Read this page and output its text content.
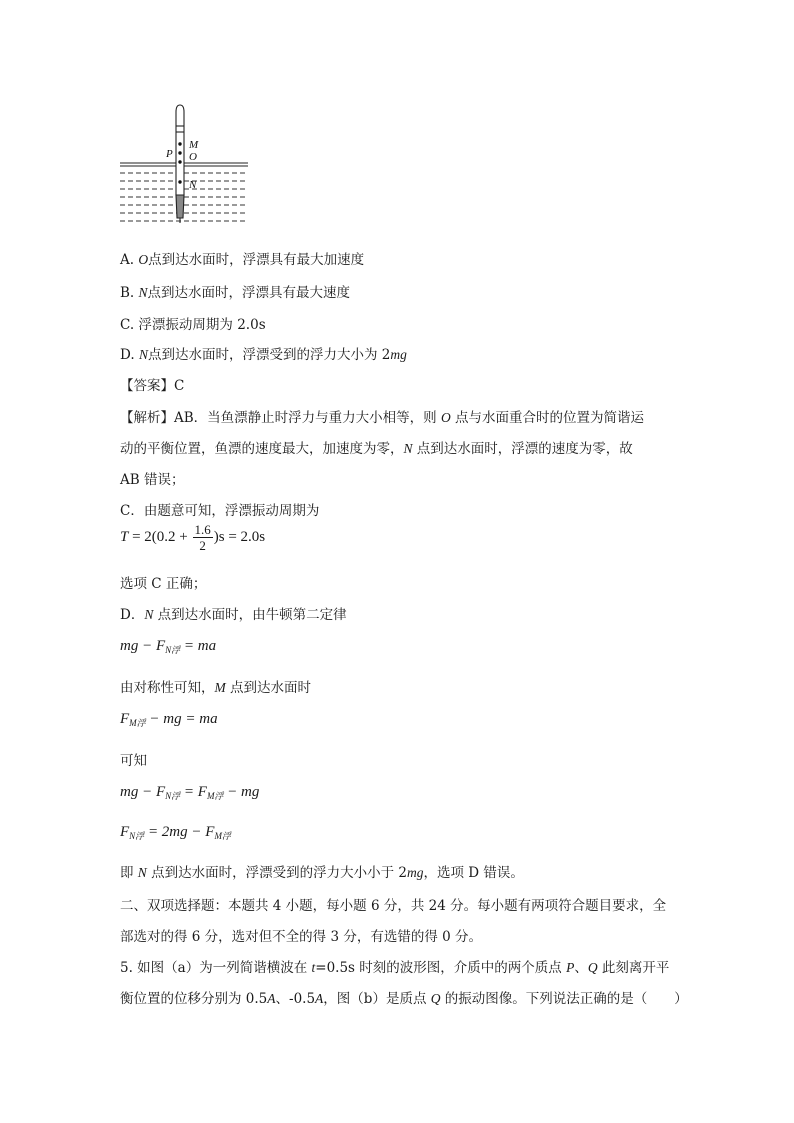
M
P O
N
A. O点到达水面时，浮漂具有最大加速度
B. N点到达水面时，浮漂具有最大速度
C. 浮漂振动周期为 2.0s
D. N点到达水面时，浮漂受到的浮力大小为 2mg
【答案】C
【解析】AB．当鱼漂静止时浮力与重力大小相等，则 O 点与水面重合时的位置为简谐运
动的平衡位置，鱼漂的速度最大，加速度为零，N 点到达水面时，浮漂的速度为零，故
AB 错误；
C．由题意可知，浮漂振动周期为
$T = 2(0.2 + \frac{1.6}{2} )s = 2.0s$
选项 C 正确；
D．N 点到达水面时，由牛顿第二定律
mg − $F_{N浮}$ = ma
由对称性可知，M 点到达水面时
$F_{M浮}$ − mg = ma
可知
mg − $F_{N浮} = F_{M浮}$ − mg
$F_{N浮} = 2mg - F_{M浮}$
即 N 点到达水面时，浮漂受到的浮力大小小于 2mg，选项 D 错误。
二、双项选择题：本题共 4 小题，每小题 6 分，共 24 分。每小题有两项符合题目要求，全
部选对的得 6 分，选对但不全的得 3 分，有选错的得 0 分。
5. 如图（a）为一列简谐横波在 t=0.5s 时刻的波形图，介质中的两个质点 P、Q 此刻离开平
衡位置的位移分别为 0.5A、-0.5A，图（b）是质点 Q 的振动图像。下列说法正确的是（　　）
